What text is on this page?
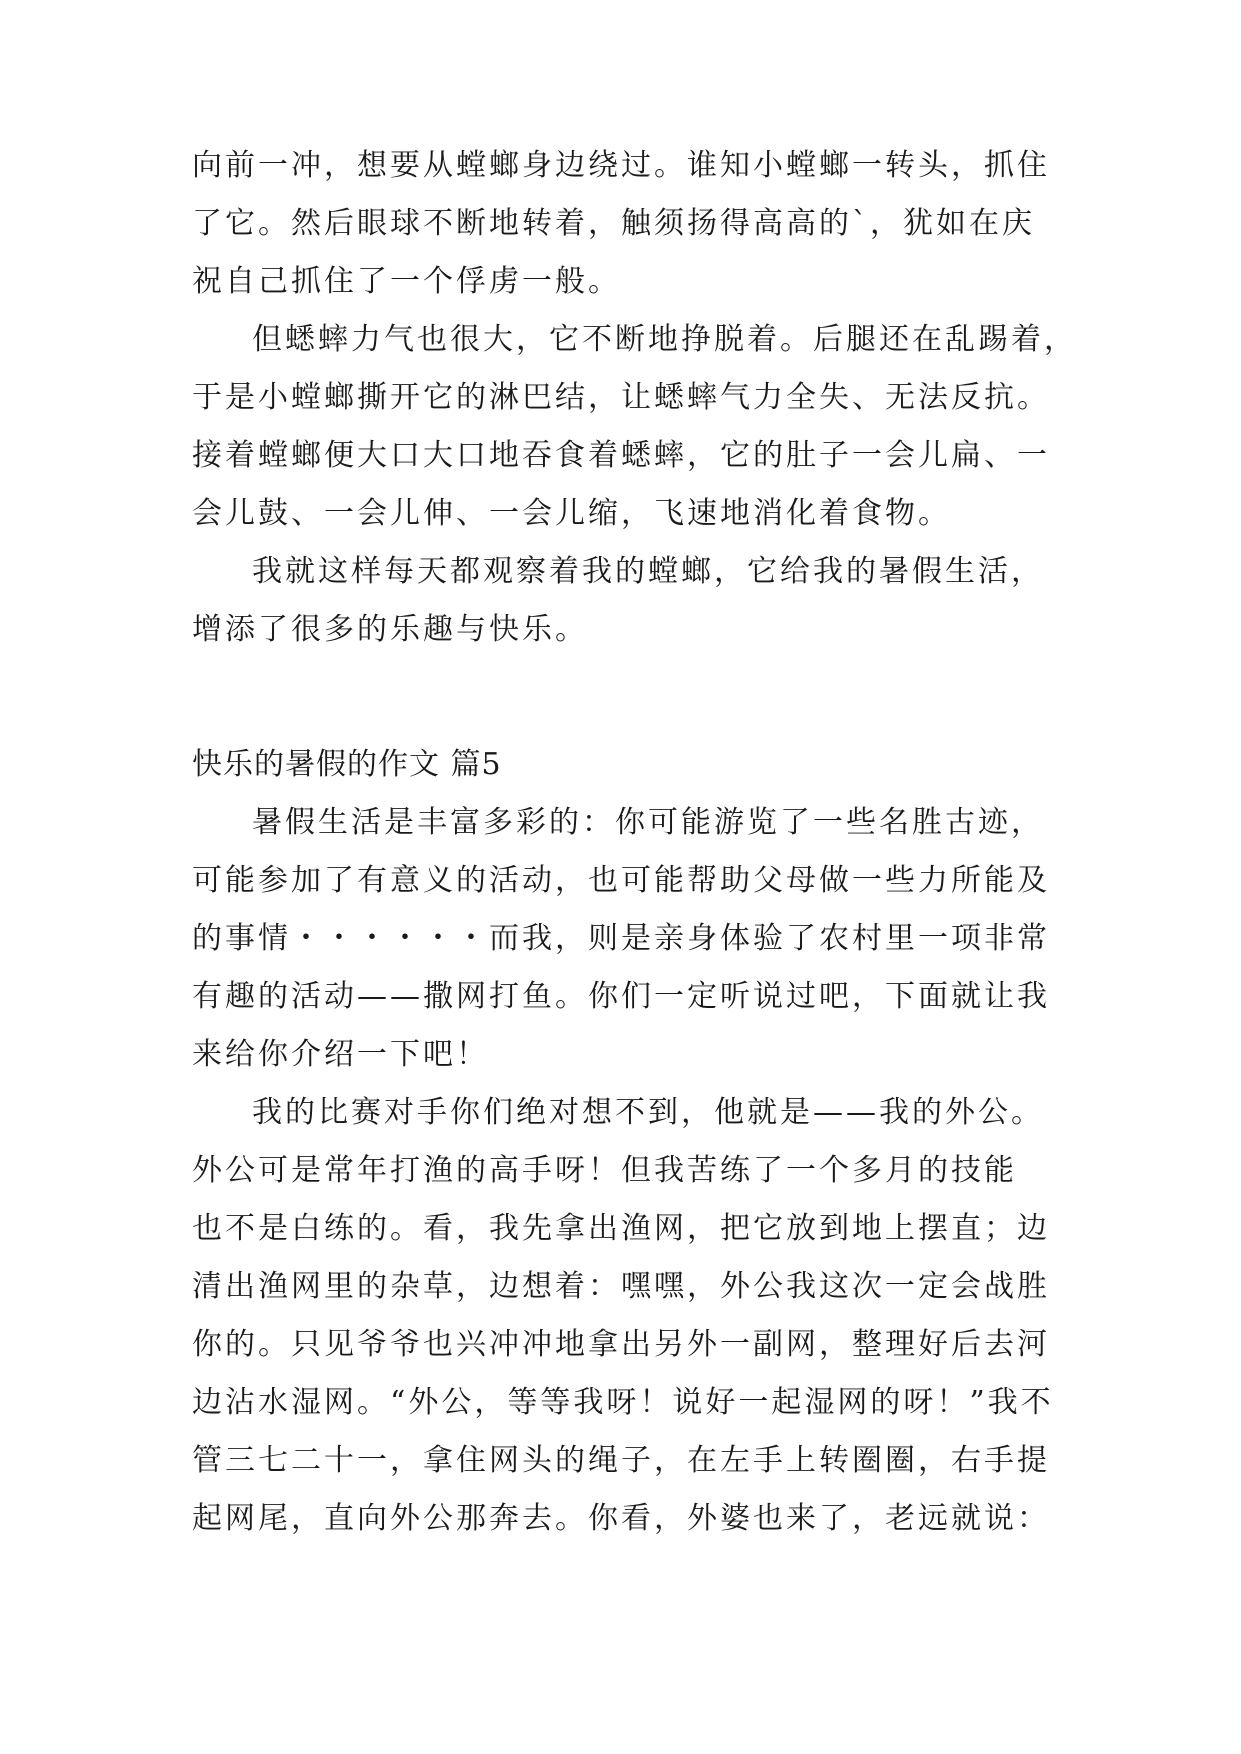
向前一冲，想要从螳螂身边绕过。谁知小螳螂一转头，抓住
了它。然后眼球不断地转着，触须扬得高高的`，犹如在庆
祝自己抓住了一个俘虏一般。
但蟋蟀力气也很大，它不断地挣脱着。后腿还在乱踢着，
于是小螳螂撕开它的淋巴结，让蟋蟀气力全失、无法反抗。
接着螳螂便大口大口地吞食着蟋蟀，它的肚子一会儿扁、一
会儿鼓、一会儿伸、一会儿缩，飞速地消化着食物。
我就这样每天都观察着我的螳螂，它给我的暑假生活，
增添了很多的乐趣与快乐。
快乐的暑假的作文 篇5
暑假生活是丰富多彩的：你可能游览了一些名胜古迹，
可能参加了有意义的活动，也可能帮助父母做一些力所能及
的事情・・・・・・而我，则是亲身体验了农村里一项非常
有趣的活动——撒网打鱼。你们一定听说过吧，下面就让我
来给你介绍一下吧！
我的比赛对手你们绝对想不到，他就是——我的外公。
外公可是常年打渔的高手呀！但我苦练了一个多月的技能
也不是白练的。看，我先拿出渔网，把它放到地上摆直；边
清出渔网里的杂草，边想着：嘿嘿，外公我这次一定会战胜
你的。只见爷爷也兴冲冲地拿出另外一副网，整理好后去河
边沾水湿网。“外公，等等我呀！说好一起湿网的呀！”我不
管三七二十一，拿住网头的绳子，在左手上转圈圈，右手提
起网尾，直向外公那奔去。你看，外婆也来了，老远就说：
